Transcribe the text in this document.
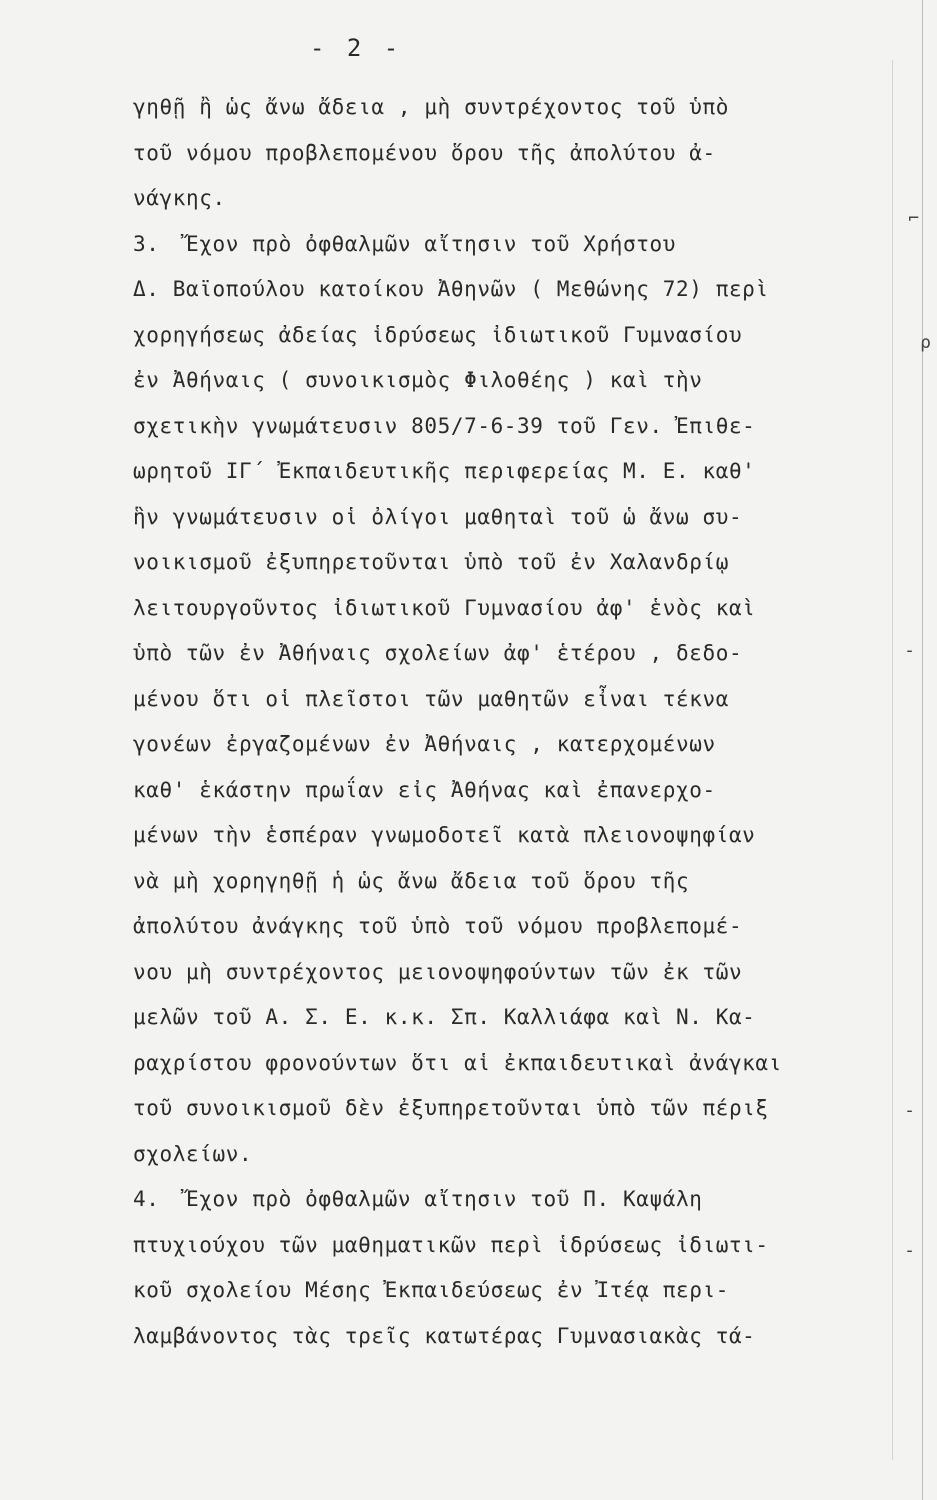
- 2 -
γηθῇ ἢ ὡς ἄνω ἄδεια , μὴ συντρέχοντος τοῦ ὑπὸ
τοῦ νόμου προβλεπομένου ὅρου τῆς ἀπολύτου ἀ-
νάγκης.
3.  Ἔχον πρὸ ὀφθαλμῶν αἴτησιν τοῦ Χρήστου
Δ. Βαϊοπούλου κατοίκου Ἀθηνῶν ( Μεθώνης 72) περὶ
χορηγήσεως ἀδείας ἱδρύσεως ἰδιωτικοῦ Γυμνασίου
ἐν Ἀθήναις ( συνοικισμὸς Φιλοθέης ) καὶ τὴν
σχετικὴν γνωμάτευσιν 805/7-6-39 τοῦ Γεν. Ἐπιθε-
ωρητοῦ ΙΓ΄ Ἐκπαιδευτικῆς περιφερείας Μ. Ε. καθ'
ἣν γνωμάτευσιν οἱ ὀλίγοι μαθηταὶ τοῦ ὡ ἄνω συ-
νοικισμοῦ ἐξυπηρετοῦνται ὑπὸ τοῦ ἐν Χαλανδρίῳ
λειτουργοῦντος ἰδιωτικοῦ Γυμνασίου ἀφ' ἑνὸς καὶ
ὑπὸ τῶν ἐν Ἀθήναις σχολείων ἀφ' ἑτέρου , δεδο-
μένου ὅτι οἱ πλεῖστοι τῶν μαθητῶν εἶναι τέκνα
γονέων ἐργαζομένων ἐν Ἀθήναις , κατερχομένων
καθ' ἑκάστην πρωΐαν εἰς Ἀθήνας καὶ ἐπανερχο-
μένων τὴν ἑσπέραν γνωμοδοτεῖ κατὰ πλειονοψηφίαν
νὰ μὴ χορηγηθῇ ἡ ὡς ἄνω ἄδεια τοῦ ὅρου τῆς
ἀπολύτου ἀνάγκης τοῦ ὑπὸ τοῦ νόμου προβλεπομέ-
νου μὴ συντρέχοντος μειονοψηφούντων τῶν ἐκ τῶν
μελῶν τοῦ Α. Σ. Ε. κ.κ. Σπ. Καλλιάφα καὶ Ν. Κα-
ραχρίστου φρονούντων ὅτι αἱ ἐκπαιδευτικαὶ ἀνάγκαι
τοῦ συνοικισμοῦ δὲν ἐξυπηρετοῦνται ὑπὸ τῶν πέριξ
σχολείων.
4.  Ἔχον πρὸ ὀφθαλμῶν αἴτησιν τοῦ Π. Καψάλη
πτυχιούχου τῶν μαθηματικῶν περὶ ἱδρύσεως ἰδιωτι-
κοῦ σχολείου Μέσης Ἐκπαιδεύσεως ἐν Ἰτέᾳ περι-
λαμβάνοντος τὰς τρεῖς κατωτέρας Γυμνασιακὰς τά-
⌐
ρ
-
-
-
